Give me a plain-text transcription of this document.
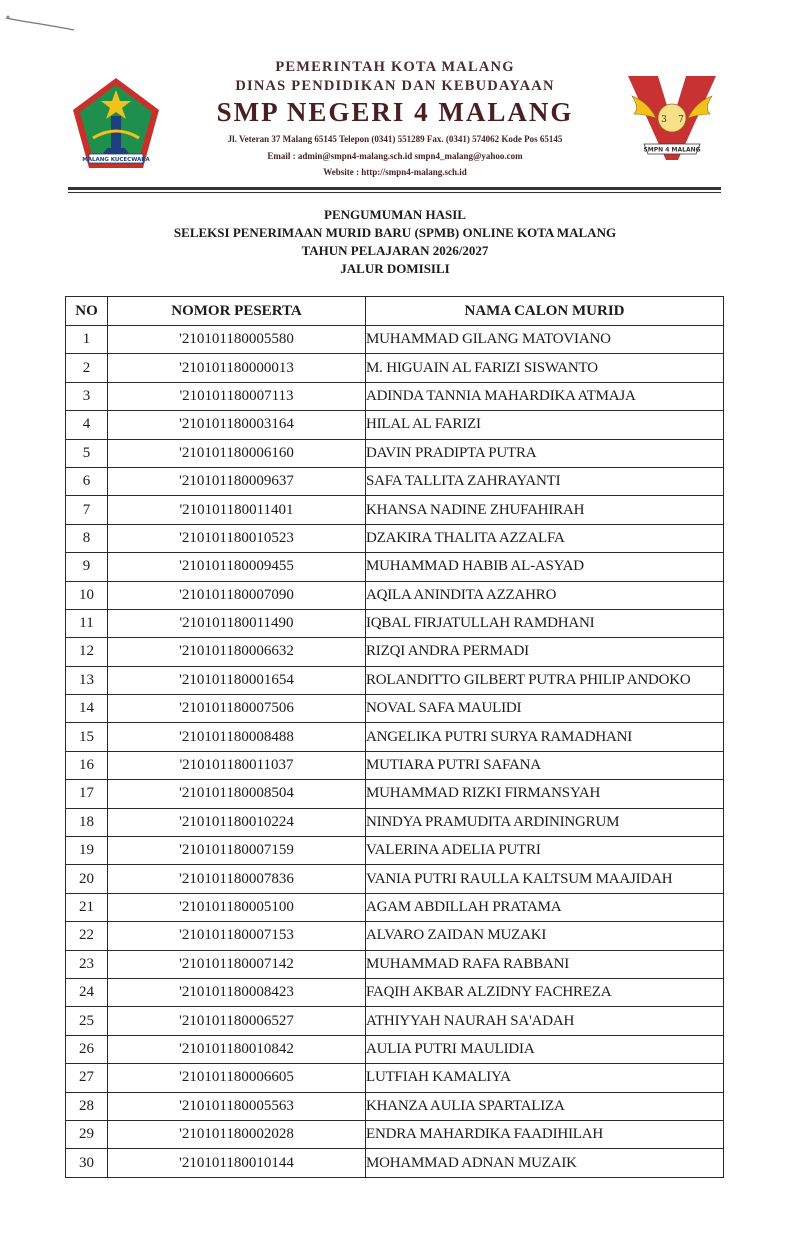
MALANG KUCECWARA
3 7
SMPN 4 MALANG
PEMERINTAH KOTA MALANG
DINAS PENDIDIKAN DAN KEBUDAYAAN
SMP NEGERI 4 MALANG
Jl. Veteran 37 Malang 65145 Telepon (0341) 551289 Fax. (0341) 574062 Kode Pos 65145
Email : admin@smpn4-malang.sch.id smpn4_malang@yahoo.com
Website : http://smpn4-malang.sch.id
PENGUMUMAN HASIL
SELEKSI PENERIMAAN MURID BARU (SPMB) ONLINE KOTA MALANG
TAHUN PELAJARAN 2026/2027
JALUR DOMISILI
NO	NOMOR PESERTA	NAMA CALON MURID
1	'210101180005580	MUHAMMAD GILANG MATOVIANO
2	'210101180000013	M. HIGUAIN AL FARIZI SISWANTO
3	'210101180007113	ADINDA TANNIA MAHARDIKA ATMAJA
4	'210101180003164	HILAL AL FARIZI
5	'210101180006160	DAVIN PRADIPTA PUTRA
6	'210101180009637	SAFA TALLITA ZAHRAYANTI
7	'210101180011401	KHANSA NADINE ZHUFAHIRAH
8	'210101180010523	DZAKIRA THALITA AZZALFA
9	'210101180009455	MUHAMMAD HABIB AL-ASYAD
10	'210101180007090	AQILA ANINDITA AZZAHRO
11	'210101180011490	IQBAL FIRJATULLAH RAMDHANI
12	'210101180006632	RIZQI ANDRA PERMADI
13	'210101180001654	ROLANDITTO GILBERT PUTRA PHILIP ANDOKO
14	'210101180007506	NOVAL SAFA MAULIDI
15	'210101180008488	ANGELIKA PUTRI SURYA RAMADHANI
16	'210101180011037	MUTIARA PUTRI SAFANA
17	'210101180008504	MUHAMMAD RIZKI FIRMANSYAH
18	'210101180010224	NINDYA PRAMUDITA ARDININGRUM
19	'210101180007159	VALERINA ADELIA PUTRI
20	'210101180007836	VANIA PUTRI RAULLA KALTSUM MAAJIDAH
21	'210101180005100	AGAM ABDILLAH PRATAMA
22	'210101180007153	ALVARO ZAIDAN MUZAKI
23	'210101180007142	MUHAMMAD RAFA RABBANI
24	'210101180008423	FAQIH AKBAR ALZIDNY FACHREZA
25	'210101180006527	ATHIYYAH NAURAH SA'ADAH
26	'210101180010842	AULIA PUTRI MAULIDIA
27	'210101180006605	LUTFIAH KAMALIYA
28	'210101180005563	KHANZA AULIA SPARTALIZA
29	'210101180002028	ENDRA MAHARDIKA FAADIHILAH
30	'210101180010144	MOHAMMAD ADNAN MUZAIK
